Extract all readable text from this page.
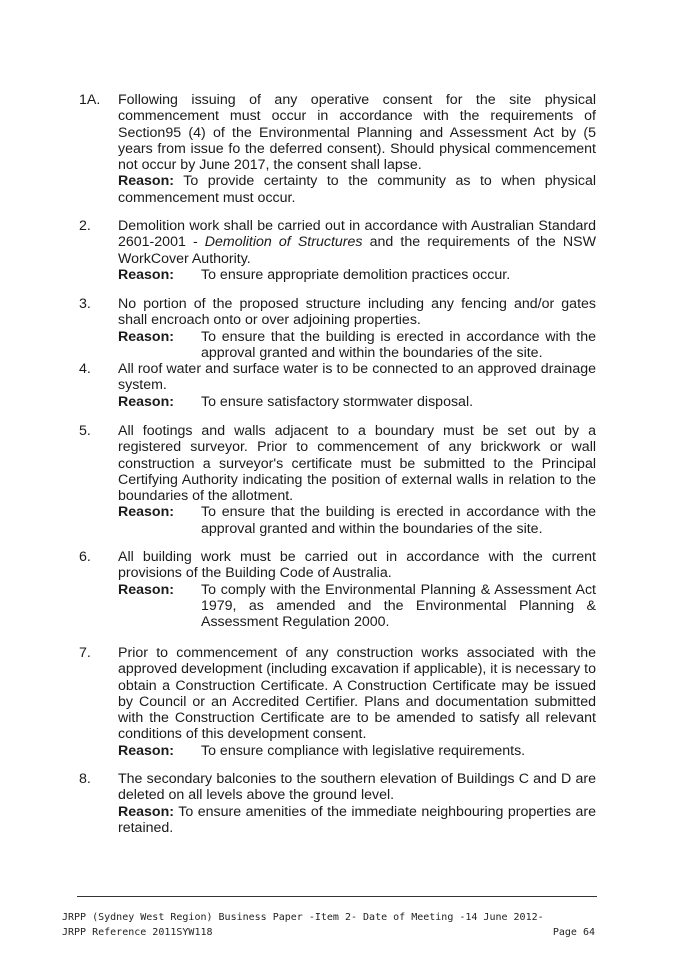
1A.	Following issuing of any operative consent for the site physical commencement must occur in accordance with the requirements of Section95 (4) of the Environmental Planning and Assessment Act by (5 years from issue fo the deferred consent). Should physical commencement not occur by June 2017, the consent shall lapse.

Reason: To provide certainty to the community as to when physical commencement must occur.

2.	Demolition work shall be carried out in accordance with Australian Standard 2601-2001 - Demolition of Structures and the requirements of the NSW WorkCover Authority.

Reason:	To ensure appropriate demolition practices occur.
3.	No portion of the proposed structure including any fencing and/or gates shall encroach onto or over adjoining properties.

Reason:	To ensure that the building is erected in accordance with the approval granted and within the boundaries of the site.
4.	All roof water and surface water is to be connected to an approved drainage system.

Reason:	To ensure satisfactory stormwater disposal.
5.	All footings and walls adjacent to a boundary must be set out by a registered surveyor. Prior to commencement of any brickwork or wall construction a surveyor's certificate must be submitted to the Principal Certifying Authority indicating the position of external walls in relation to the boundaries of the allotment.

Reason:	To ensure that the building is erected in accordance with the approval granted and within the boundaries of the site.
6.	All building work must be carried out in accordance with the current provisions of the Building Code of Australia.

Reason:	To comply with the Environmental Planning & Assessment Act 1979, as amended and the Environmental Planning & Assessment Regulation 2000.
7.	Prior to commencement of any construction works associated with the approved development (including excavation if applicable), it is necessary to obtain a Construction Certificate. A Construction Certificate may be issued by Council or an Accredited Certifier. Plans and documentation submitted with the Construction Certificate are to be amended to satisfy all relevant conditions of this development consent.

Reason:	To ensure compliance with legislative requirements.
8.	The secondary balconies to the southern elevation of Buildings C and D are deleted on all levels above the ground level.

Reason: To ensure amenities of the immediate neighbouring properties are retained.

JRPP (Sydney West Region) Business Paper -Item 2- Date of Meeting -14 June 2012-
JRPP Reference 2011SYW118	Page 64
